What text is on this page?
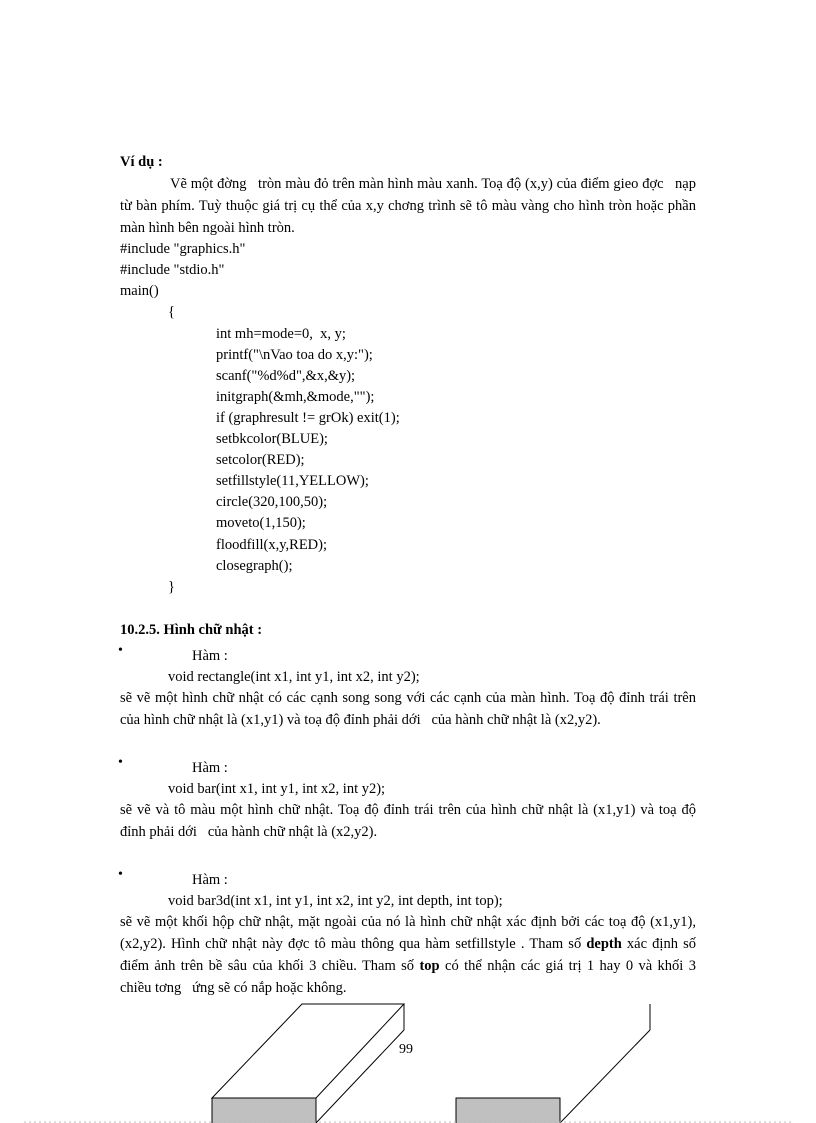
Ví dụ :
Vẽ một đờng   tròn màu đỏ trên màn hình màu xanh. Toạ độ (x,y) của điểm gieo đợc   nạp
từ bàn phím. Tuỳ thuộc giá trị cụ thể của x,y chơng trình sẽ tô màu vàng cho hình tròn hoặc phần
màn hình bên ngoài hình tròn.
#include "graphics.h"
#include "stdio.h"
main()
{
int mh=mode=0,  x, y;
printf("\nVao toa do x,y:");
scanf("%d%d",&x,&y);
initgraph(&mh,&mode,"");
if (graphresult != grOk) exit(1);
setbkcolor(BLUE);
setcolor(RED);
setfillstyle(11,YELLOW);
circle(320,100,50);
moveto(1,150);
floodfill(x,y,RED);
closegraph();
}
10.2.5. Hình chữ nhật :
•	Hàm :
void rectangle(int x1, int y1, int x2, int y2);
sẽ vẽ một hình chữ nhật có các cạnh song song với các cạnh của màn hình. Toạ độ đỉnh trái trên
của hình chữ nhật là (x1,y1) và toạ độ đỉnh phải dới   của hành chữ nhật là (x2,y2).
•	Hàm :
void bar(int x1, int y1, int x2, int y2);
sẽ vẽ và tô màu một hình chữ nhật. Toạ độ đỉnh trái trên của hình chữ nhật là (x1,y1) và toạ độ
đỉnh phải dới   của hành chữ nhật là (x2,y2).
•	Hàm :
void bar3d(int x1, int y1, int x2, int y2, int depth, int top);
sẽ vẽ một khối hộp chữ nhật, mặt ngoài của nó là hình chữ nhật xác định bởi các toạ độ (x1,y1),
(x2,y2). Hình chữ nhật này đợc tô màu thông qua hàm setfillstyle . Tham số depth xác định số
điểm ảnh trên bề sâu của khối 3 chiều. Tham số top có thể nhận các giá trị 1 hay 0 và khối 3
chiều tơng   ứng sẽ có nắp hoặc không.
99
